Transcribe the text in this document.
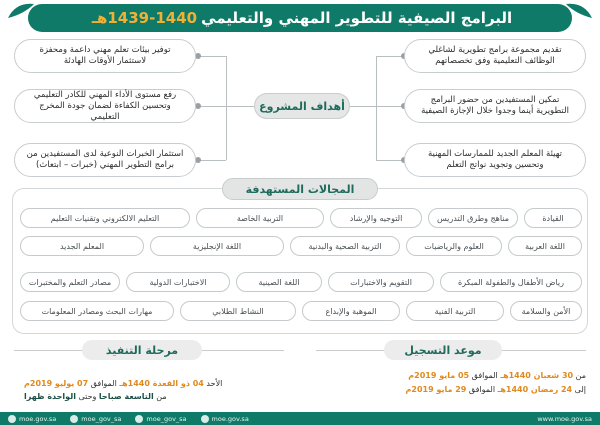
البرامج الصيفية للتطوير المهني والتعليمي
1439-1440هـ
توفير بيئات تعلم مهني داعمة ومحفزة لاستثمار الأوقات الهادئة
رفع مستوى الأداء المهني للكادر التعليمي وتحسين الكفاءة لضمان جودة المخرج التعليمي
استثمار الخبرات النوعية لدى المستفيدين من برامج التطوير المهني (خبرات – ابتعاث)
تقديم مجموعة برامج تطويرية لشاغلي الوظائف التعليمية وفق تخصصاتهم
تمكين المستفيدين من حضور البرامج التطويرية أينما وجدوا خلال الإجازة الصيفية
تهيئة المعلم الجديد للممارسات المهنية وتحسين وتجويد نواتج التعلم
أهداف المشروع
المجالات المستهدفة
القيادة
مناهج وطرق التدريس
التوجيه والإرشاد
التربية الخاصة
التعليم الالكتروني وتقنيات التعليم
اللغة العربية
العلوم والرياضيات
التربية الصحية والبدنية
اللغة الإنجليزية
المعلم الجديد
رياض الأطفال والطفولة المبكرة
التقويم والاختبارات
اللغة الصينية
الاختبارات الدولية
مصادر التعلم والمختبرات
الأمن والسلامة
التربية الفنية
الموهبة والإبداع
النشاط الطلابي
مهارات البحث ومصادر المعلومات
موعد التسجيل
من 30 شعبان 1440هـ الموافق 05 مايو 2019م
إلى 24 رمضان 1440هـ الموافق 29 مايو 2019م
مرحلة التنفيذ
الأحد 04 ذو القعدة 1440هـ الموافق 07 يوليو 2019م
من التاسعة صباحا وحتى الواحدة ظهرا
moe.gov.sa	moe_gov_sa	moe_gov_sa	moe.gov.sa	www.moe.gov.sa
